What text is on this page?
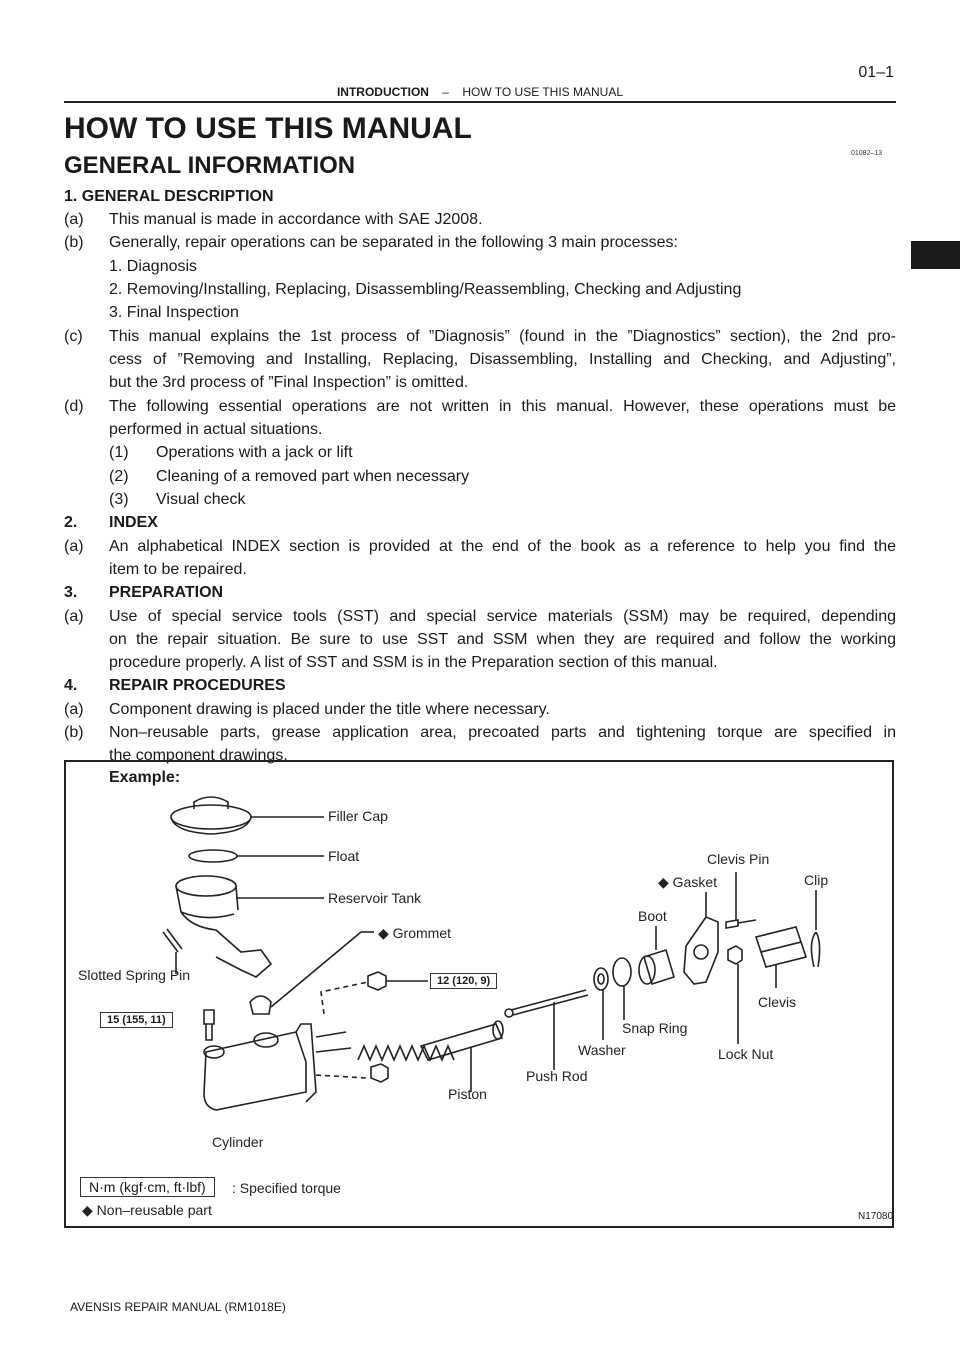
01–1
INTRODUCTION – HOW TO USE THIS MANUAL
HOW TO USE THIS MANUAL
01082–13
GENERAL INFORMATION
1. GENERAL DESCRIPTION
(a) This manual is made in accordance with SAE J2008.
(b) Generally, repair operations can be separated in the following 3 main processes:
1. Diagnosis
2. Removing/Installing, Replacing, Disassembling/Reassembling, Checking and Adjusting
3. Final Inspection
(c) This manual explains the 1st process of ”Diagnosis” (found in the ”Diagnostics” section), the 2nd pro-
cess of ”Removing and Installing, Replacing, Disassembling, Installing and Checking, and Adjusting”,
but the 3rd process of ”Final Inspection” is omitted.
(d) The following essential operations are not written in this manual. However, these operations must be
performed in actual situations.
(1) Operations with a jack or lift
(2) Cleaning of a removed part when necessary
(3) Visual check
2. INDEX
(a) An alphabetical INDEX section is provided at the end of the book as a reference to help you find the
item to be repaired.
3. PREPARATION
(a) Use of special service tools (SST) and special service materials (SSM) may be required, depending
on the repair situation. Be sure to use SST and SSM when they are required and follow the working
procedure properly. A list of SST and SSM is in the Preparation section of this manual.
4. REPAIR PROCEDURES
(a) Component drawing is placed under the title where necessary.
(b) Non–reusable parts, grease application area, precoated parts and tightening torque are specified in
the component drawings.
Example:
Filler Cap
Float
Reservoir Tank
◆ Grommet
Slotted Spring Pin
Clevis Pin
◆ Gasket	Clip
Boot
Clevis
Snap Ring
Washer	Lock Nut
Push Rod
Piston
Cylinder
12 (120, 9)
15 (155, 11)
N·m (kgf·cm, ft·lbf)	: Specified torque
◆ Non–reusable part	N17080
AVENSIS REPAIR MANUAL (RM1018E)
